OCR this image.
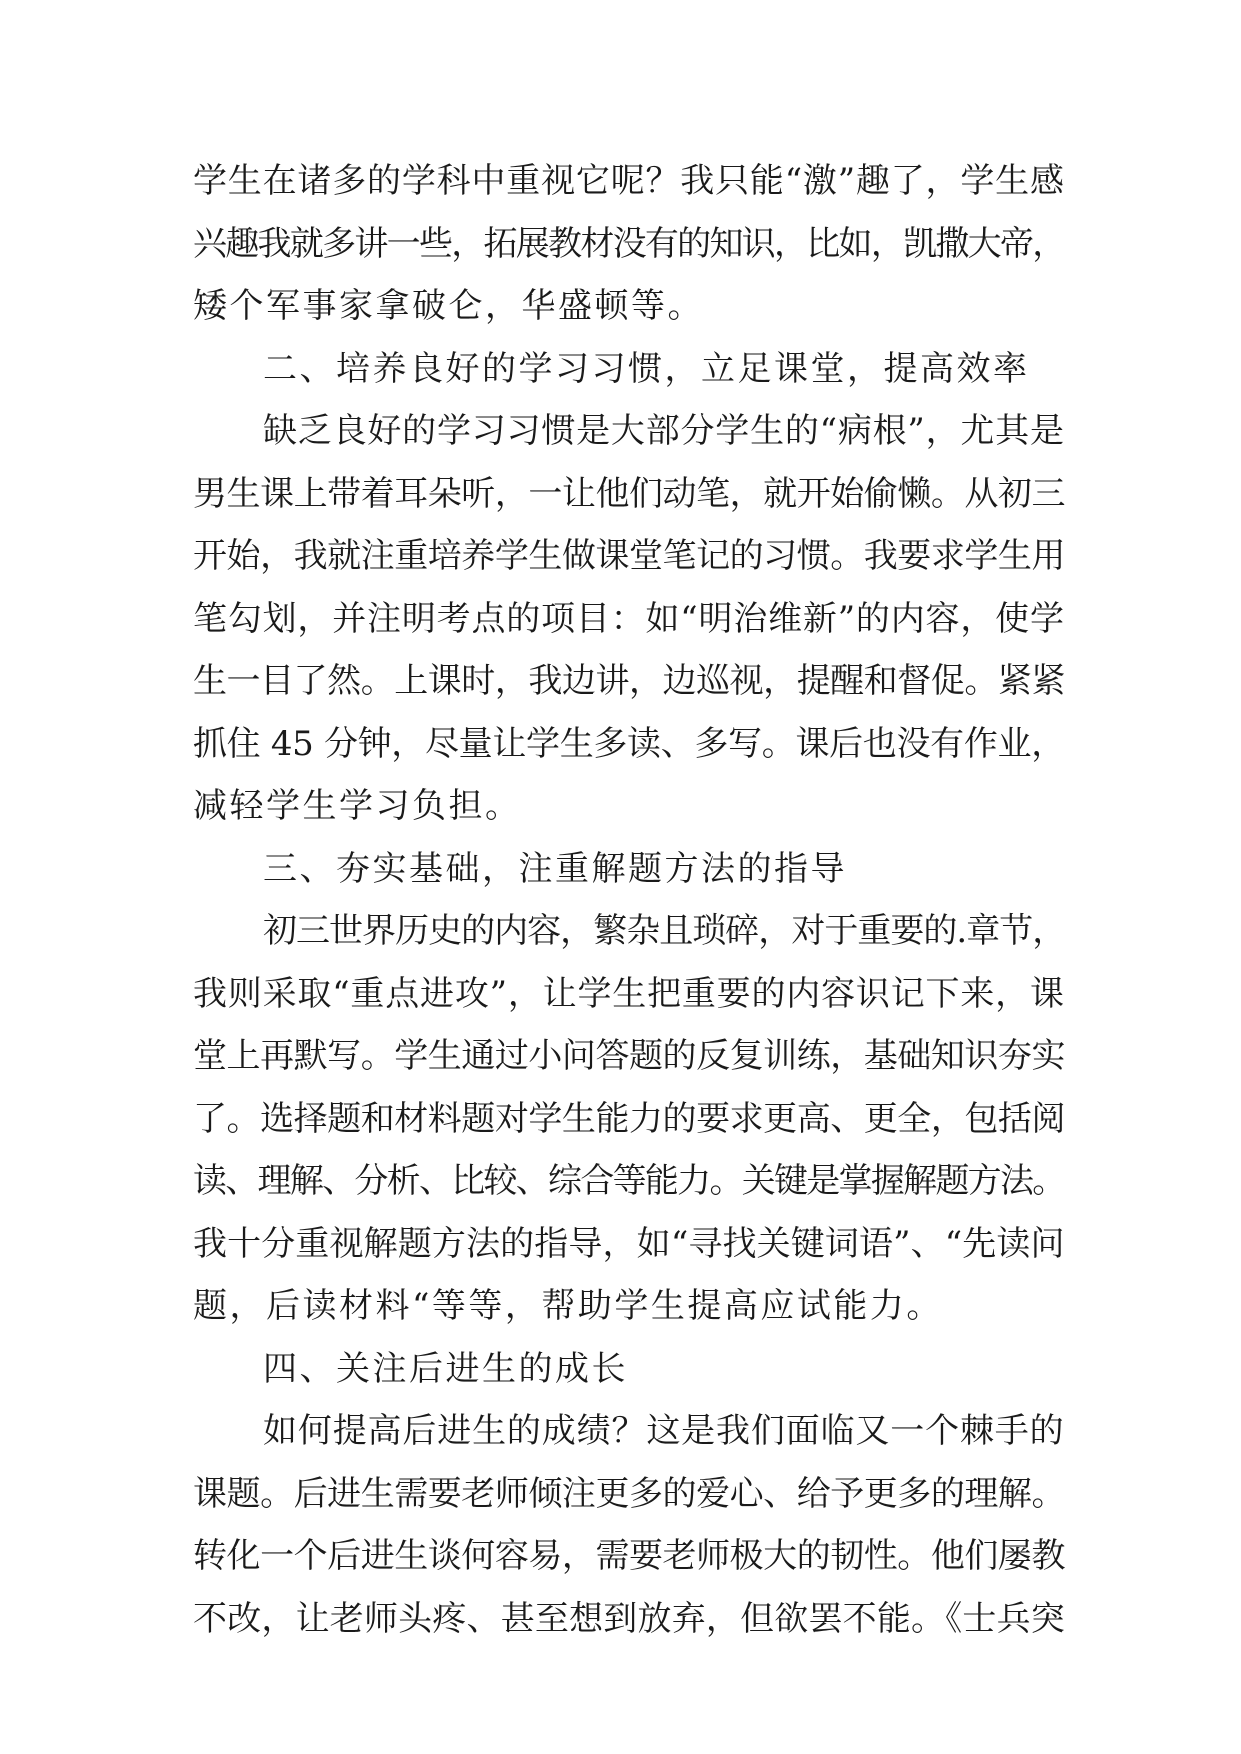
学生在诸多的学科中重视它呢？我只能“激”趣了，学生感
兴趣我就多讲一些，拓展教材没有的知识，比如，凯撒大帝，
矮个军事家拿破仑，华盛顿等。
二、培养良好的学习习惯，立足课堂，提高效率
缺乏良好的学习习惯是大部分学生的“病根”，尤其是
男生课上带着耳朵听，一让他们动笔，就开始偷懒。从初三
开始，我就注重培养学生做课堂笔记的习惯。我要求学生用
笔勾划，并注明考点的项目：如“明治维新”的内容，使学
生一目了然。上课时，我边讲，边巡视，提醒和督促。紧紧
抓住 45 分钟，尽量让学生多读、多写。课后也没有作业，
减轻学生学习负担。
三、夯实基础，注重解题方法的指导
初三世界历史的内容，繁杂且琐碎，对于重要的.章节，
我则采取“重点进攻”，让学生把重要的内容识记下来，课
堂上再默写。学生通过小问答题的反复训练，基础知识夯实
了。选择题和材料题对学生能力的要求更高、更全，包括阅
读、理解、分析、比较、综合等能力。关键是掌握解题方法。
我十分重视解题方法的指导，如“寻找关键词语”、“先读问
题，后读材料“等等，帮助学生提高应试能力。
四、关注后进生的成长
如何提高后进生的成绩？这是我们面临又一个棘手的
课题。后进生需要老师倾注更多的爱心、给予更多的理解。
转化一个后进生谈何容易，需要老师极大的韧性。他们屡教
不改，让老师头疼、甚至想到放弃，但欲罢不能。《士兵突
